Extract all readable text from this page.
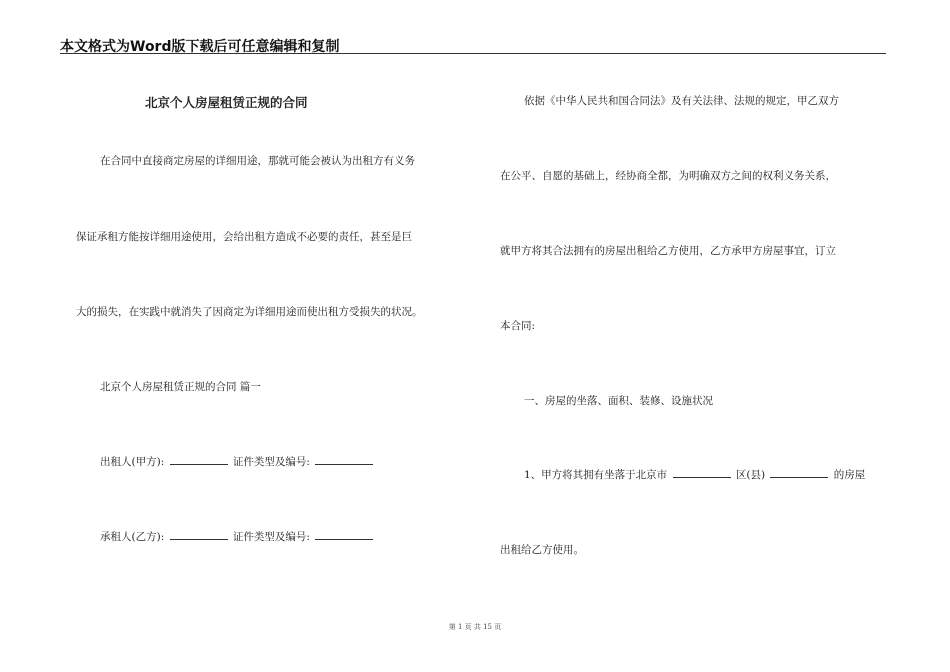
本文格式为Word版下载后可任意编辑和复制
北京个人房屋租赁正规的合同
在合同中直接商定房屋的详细用途，那就可能会被认为出租方有义务
保证承租方能按详细用途使用，会给出租方造成不必要的责任，甚至是巨
大的损失，在实践中就消失了因商定为详细用途而使出租方受损失的状况。
北京个人房屋租赁正规的合同 篇一
出租人(甲方):	证件类型及编号:
承租人(乙方):	证件类型及编号:
依据《中华人民共和国合同法》及有关法律、法规的规定，甲乙双方
在公平、自愿的基础上，经协商全都，为明确双方之间的权利义务关系，
就甲方将其合法拥有的房屋出租给乙方使用，乙方承甲方房屋事宜，订立
本合同:
一、房屋的坐落、面积、装修、设施状况
1、甲方将其拥有坐落于北京市	区(县)	的房屋
出租给乙方使用。
第 1 页 共 15 页
